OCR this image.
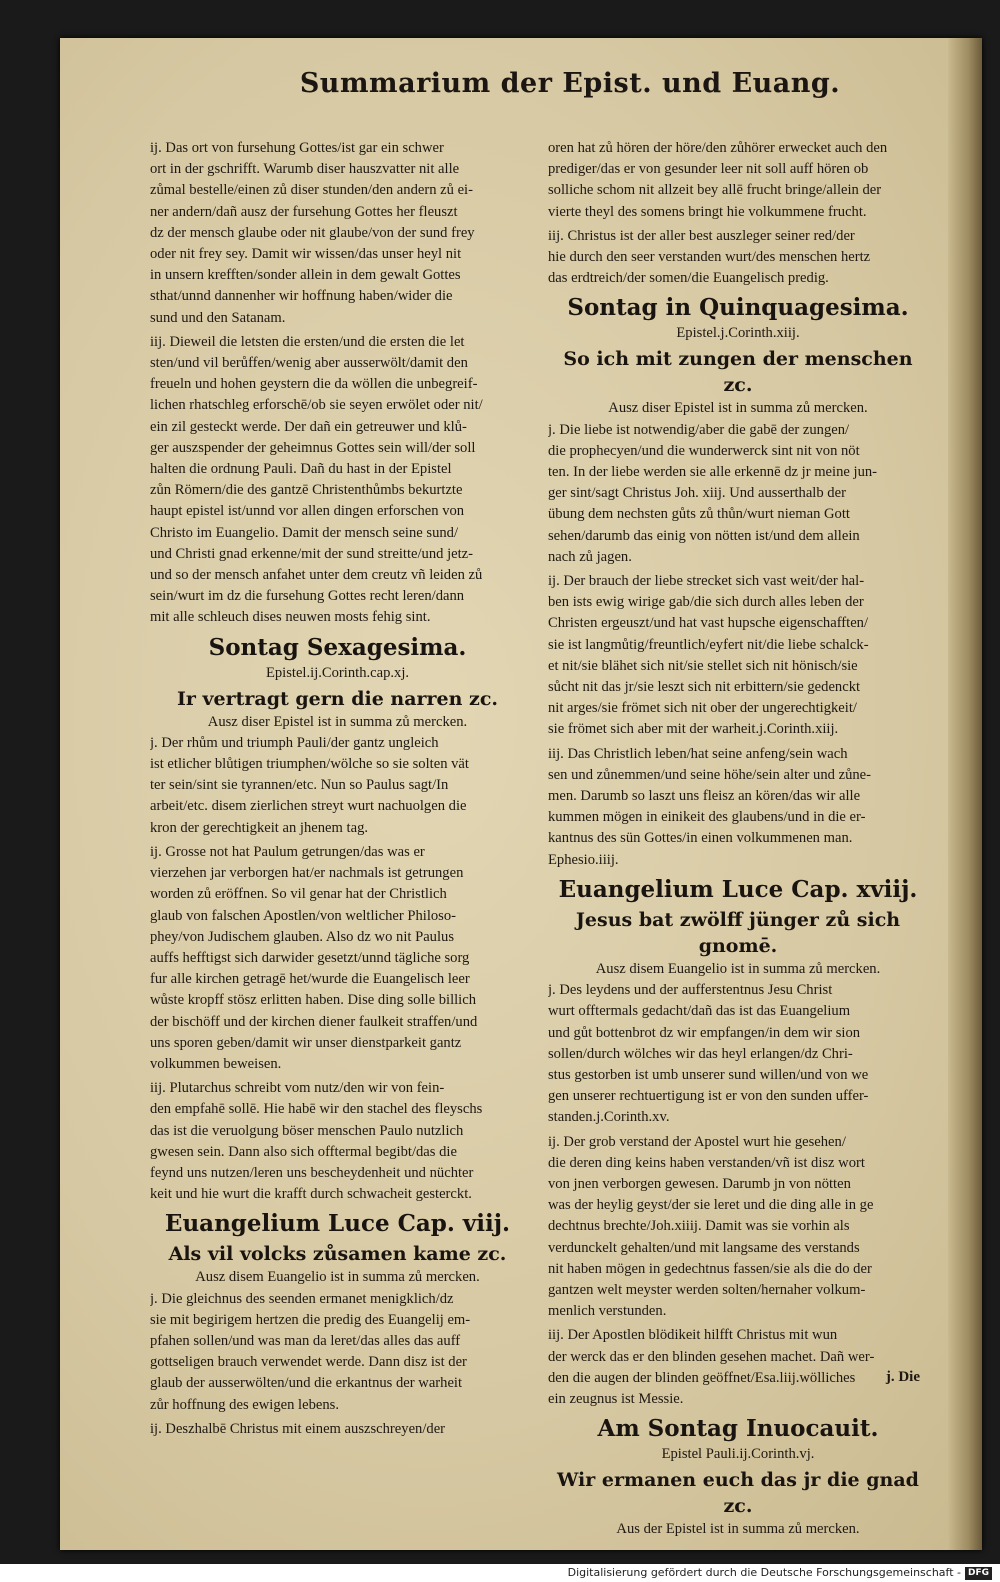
Summarium der Epist. und Euang.
ij. Das ort von fursehung Gottes/ist gar ein schwer
ort in der gschrifft. Warumb diser hauszvatter nit alle
zůmal bestelle/einen zů diser stunden/den andern zů ei-
ner andern/dañ ausz der fursehung Gottes her fleuszt
dz der mensch glaube oder nit glaube/von der sund frey
oder nit frey sey. Damit wir wissen/das unser heyl nit
in unsern krefften/sonder allein in dem gewalt Gottes
sthat/unnd dannenher wir hoffnung haben/wider die
sund und den Satanam.
iij. Dieweil die letsten die ersten/und die ersten die let
sten/und vil berůffen/wenig aber ausserwölt/damit den
freueln und hohen geystern die da wöllen die unbegreif-
lichen rhatschleg erforschē/ob sie seyen erwölet oder nit/
ein zil gesteckt werde. Der dañ ein getreuwer und klů-
ger auszspender der geheimnus Gottes sein will/der soll
halten die ordnung Pauli. Dañ du hast in der Epistel
zůn Römern/die des gantzē Christenthůmbs bekurtzte
haupt epistel ist/unnd vor allen dingen erforschen von
Christo im Euangelio. Damit der mensch seine sund/
und Christi gnad erkenne/mit der sund streitte/und jetz-
und so der mensch anfahet unter dem creutz vñ leiden zů
sein/wurt im dz die fursehung Gottes recht leren/dann
mit alle schleuch dises neuwen mosts fehig sint.
Sontag Sexagesima.
Epistel.ij.Corinth.cap.xj.
Ir vertragt gern die narren zc.
Ausz diser Epistel ist in summa zů mercken.
j. Der rhům und triumph Pauli/der gantz ungleich
ist etlicher blůtigen triumphen/wölche so sie solten vät
ter sein/sint sie tyrannen/etc. Nun so Paulus sagt/In
arbeit/etc. disem zierlichen streyt wurt nachuolgen die
kron der gerechtigkeit an jhenem tag.
ij. Grosse not hat Paulum getrungen/das was er
vierzehen jar verborgen hat/er nachmals ist getrungen
worden zů eröffnen. So vil genar hat der Christlich
glaub von falschen Apostlen/von weltlicher Philoso-
phey/von Judischem glauben. Also dz wo nit Paulus
auffs hefftigst sich darwider gesetzt/unnd tägliche sorg
fur alle kirchen getragē het/wurde die Euangelisch leer
wůste kropff stösz erlitten haben. Dise ding solle billich
der bischöff und der kirchen diener faulkeit straffen/und
uns sporen geben/damit wir unser dienstparkeit gantz
volkummen beweisen.
iij. Plutarchus schreibt vom nutz/den wir von fein-
den empfahē sollē. Hie habē wir den stachel des fleyschs
das ist die veruolgung böser menschen Paulo nutzlich
gwesen sein. Dann also sich offtermal begibt/das die
feynd uns nutzen/leren uns bescheydenheit und nüchter
keit und hie wurt die krafft durch schwacheit gesterckt.
Euangelium Luce Cap. viij.
Als vil volcks zůsamen kame zc.
Ausz disem Euangelio ist in summa zů mercken.
j. Die gleichnus des seenden ermanet menigklich/dz
sie mit begirigem hertzen die predig des Euangelij em-
pfahen sollen/und was man da leret/das alles das auff
gottseligen brauch verwendet werde. Dann disz ist der
glaub der ausserwölten/und die erkantnus der warheit
zůr hoffnung des ewigen lebens.
ij. Deszhalbē Christus mit einem auszschreyen/der
oren hat zů hören der höre/den zůhörer erwecket auch den
prediger/das er von gesunder leer nit soll auff hören ob
solliche schom nit allzeit bey allē frucht bringe/allein der
vierte theyl des somens bringt hie volkummene frucht.
iij. Christus ist der aller best auszleger seiner red/der
hie durch den seer verstanden wurt/des menschen hertz
das erdtreich/der somen/die Euangelisch predig.
Sontag in Quinquagesima.
Epistel.j.Corinth.xiij.
So ich mit zungen der menschen zc.
Ausz diser Epistel ist in summa zů mercken.
j. Die liebe ist notwendig/aber die gabē der zungen/
die prophecyen/und die wunderwerck sint nit von nöt
ten. In der liebe werden sie alle erkennē dz jr meine jun-
ger sint/sagt Christus Joh. xiij. Und ausserthalb der
übung dem nechsten gůts zů thůn/wurt nieman Gott
sehen/darumb das einig von nötten ist/und dem allein
nach zů jagen.
ij. Der brauch der liebe strecket sich vast weit/der hal-
ben ists ewig wirige gab/die sich durch alles leben der
Christen ergeuszt/und hat vast hupsche eigenschafften/
sie ist langmůtig/freuntlich/eyfert nit/die liebe schalck-
et nit/sie blähet sich nit/sie stellet sich nit hönisch/sie
sůcht nit das jr/sie leszt sich nit erbittern/sie gedenckt
nit arges/sie frömet sich nit ober der ungerechtigkeit/
sie frömet sich aber mit der warheit.j.Corinth.xiij.
iij. Das Christlich leben/hat seine anfeng/sein wach
sen und zůnemmen/und seine höhe/sein alter und zůne-
men. Darumb so laszt uns fleisz an kören/das wir alle
kummen mögen in einikeit des glaubens/und in die er-
kantnus des sün Gottes/in einen volkummenen man.
Ephesio.iiij.
Euangelium Luce Cap. xviij.
Jesus bat zwölff jünger zů sich gnomē.
Ausz disem Euangelio ist in summa zů mercken.
j. Des leydens und der aufferstentnus Jesu Christ
wurt offtermals gedacht/dañ das ist das Euangelium
und gůt bottenbrot dz wir empfangen/in dem wir sion
sollen/durch wölches wir das heyl erlangen/dz Chri-
stus gestorben ist umb unserer sund willen/und von we
gen unserer rechtuertigung ist er von den sunden uffer-
standen.j.Corinth.xv.
ij. Der grob verstand der Apostel wurt hie gesehen/
die deren ding keins haben verstanden/vñ ist disz wort
von jnen verborgen gewesen. Darumb jn von nötten
was der heylig geyst/der sie leret und die ding alle in ge
dechtnus brechte/Joh.xiiij. Damit was sie vorhin als
verdunckelt gehalten/und mit langsame des verstands
nit haben mögen in gedechtnus fassen/sie als die do der
gantzen welt meyster werden solten/hernaher volkum-
menlich verstunden.
iij. Der Apostlen blödikeit hilfft Christus mit wun
der werck das er den blinden gesehen machet. Dañ wer-
den die augen der blinden geöffnet/Esa.liij.wölliches
ein zeugnus ist Messie.
Am Sontag Inuocauit.
Epistel Pauli.ij.Corinth.vj.
Wir ermanen euch das jr die gnad zc.
Aus der Epistel ist in summa zů mercken.
j. Die
Digitalisierung gefördert durch die Deutsche Forschungsgemeinschaft - DFG
